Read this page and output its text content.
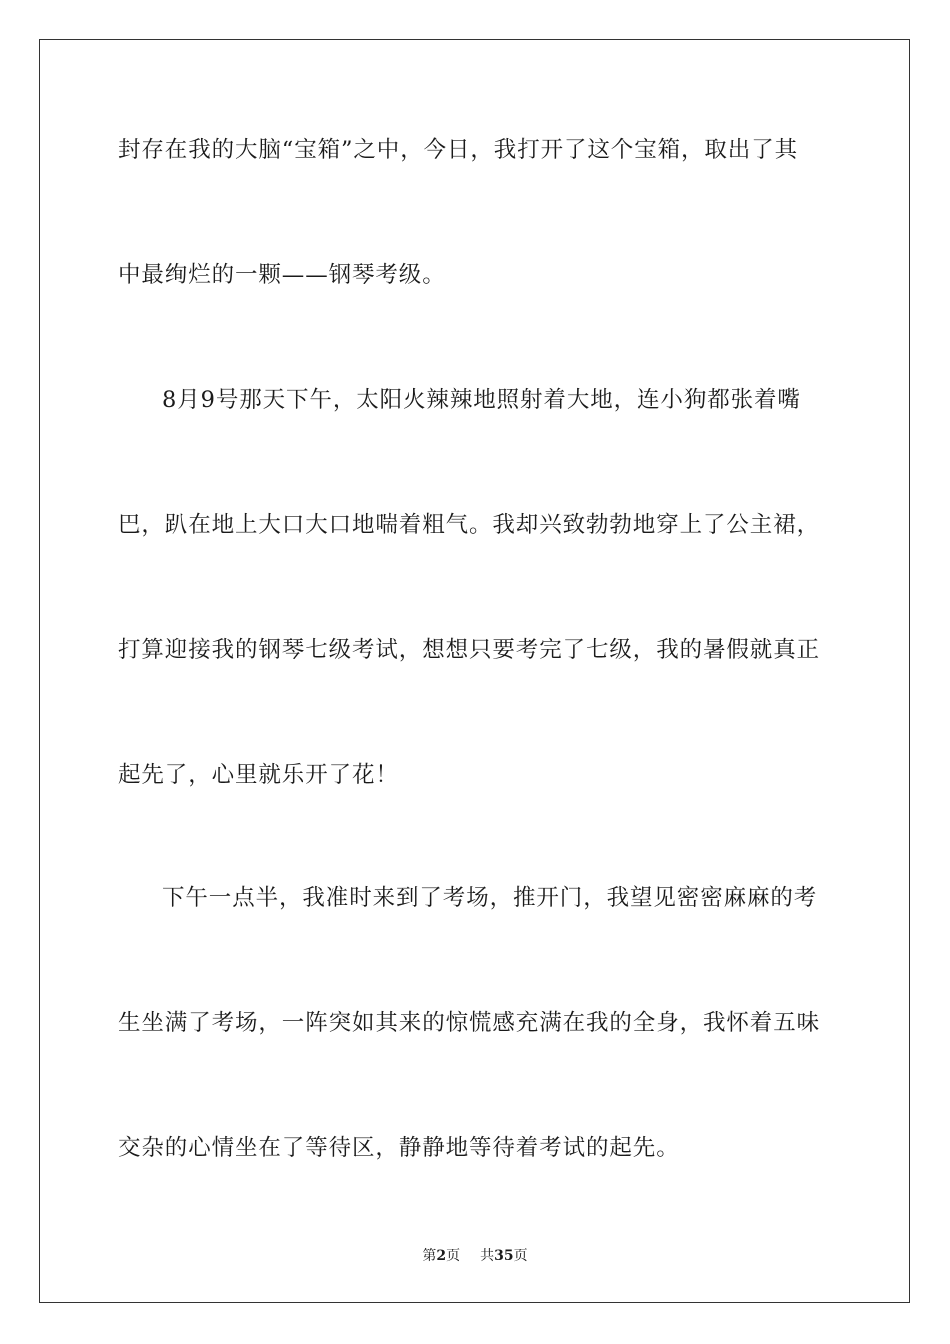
封存在我的大脑“宝箱”之中，今日，我打开了这个宝箱，取出了其
中最绚烂的一颗——钢琴考级。
8月9号那天下午，太阳火辣辣地照射着大地，连小狗都张着嘴
巴，趴在地上大口大口地喘着粗气。我却兴致勃勃地穿上了公主裙，
打算迎接我的钢琴七级考试，想想只要考完了七级，我的暑假就真正
起先了，心里就乐开了花！
下午一点半，我准时来到了考场，推开门，我望见密密麻麻的考
生坐满了考场，一阵突如其来的惊慌感充满在我的全身，我怀着五味
交杂的心情坐在了等待区，静静地等待着考试的起先。
第2页 共35页
